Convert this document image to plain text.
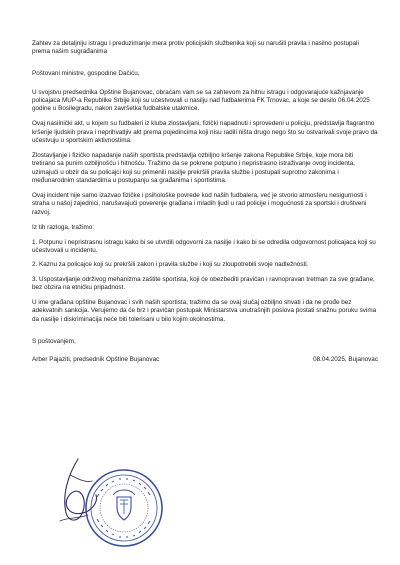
Zahtev za detaljniju istragu i preduzimanje mera protiv policijskih službenika koji su narušili pravila i nasilno postupali prema našim sugrađanima

Poštovani ministre, gospodine Dačiću,

U svojstvu predsednika Opštine Bujanovac, obraćam vam se sa zahtevom za hitnu istragu i odgovarajuće kažnjavanje policajaca MUP-a Republike Srbije koji su učestvovali u nasilju nad fudbalerima FK Trnovac, a koje se desilo 06.04.2025 godine u Bosilegradu, nakon završetka fudbalske utakmice.

Ovaj nasilnički akt, u kojem su fudbaleri iz kluba zlostavljani, fizički napadnuti i sprovedeni u policiju, predstavlja flagrantno kršenje ljudskih prava i neprihvatljiv akt prema pojedincima koji nisu radili ništa drugo nego što su ostvarivali svoje pravo da učestvuju u sportskim aktivnostima.

Zlostavljanje i fizičko napadanje naših sportista predstavlja ozbiljno kršenje zakona Republike Srbije, koje mora biti tretirano sa punim ozbiljnošću i hitnošću. Tražimo da se pokrene potpuno i nepristrasno istraživanje ovog incidenta, uzimajući u obzir da su policajci koji su primenili nasilje prekršili pravila službe i postupali suprotno zakonima i međunarodnim standardima u postupanju sa građanima i sportistima.

Ovaj incident nije samo izazvao fizičke i psihološke povrede kod naših fudbalera, već je stvorio atmosferu nesigurnosti i straha u našoj zajednici, narušavajući poverenje građana i mladih ljudi u rad policije i mogućnosti za sportski i društveni razvoj.

Iz tih razloga, tražimo:

1. Potpunu i nepristrasnu istragu kako bi se utvrdili odgovorni za nasilje i kako bi se odredila odgovornost policajaca koji su učestvovali u incidentu.

2. Kaznu za policajce koji su prekršili zakon i pravila službe i koji su zloupotrebili svoje nadležnosti.

3. Uspostavljanje održivog mehanizma zaštite sportista, koji će obezbediti pravičan i ravnopravan tretman za sve građane, bez obzira na etničku pripadnost.

U ime građana opštine Bujanovac i svih naših sportista, tražimo da se ovaj slučaj ozbiljno shvati i da ne prođe bez adekvatnih sankcija. Verujemo da će brz i pravičan postupak Ministarstva unutrašnjih poslova postati snažnu poruku svima da nasilje i diskriminacija neće biti tolerisani u bilo kojim okolnostima.

S poštovanjem,

Arber Pajaziti, predsednik Opštine Bujanovac	08.04.2025, Bujanovac
